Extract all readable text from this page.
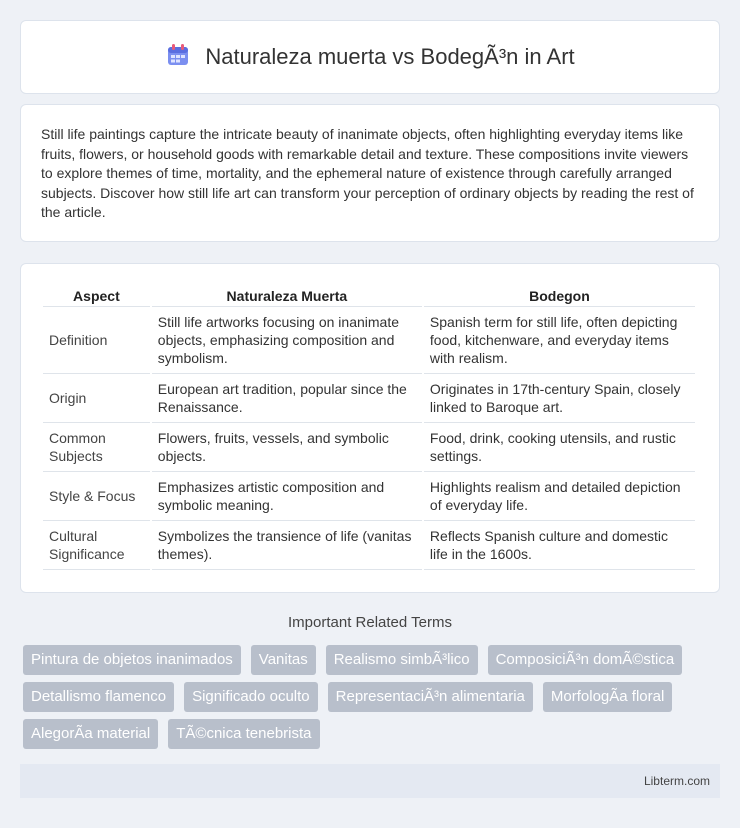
Naturaleza muerta vs BodegÃ³n in Art

Still life paintings capture the intricate beauty of inanimate objects, often highlighting everyday items like fruits, flowers, or household goods with remarkable detail and texture. These compositions invite viewers to explore themes of time, mortality, and the ephemeral nature of existence through carefully arranged subjects. Discover how still life art can transform your perception of ordinary objects by reading the rest of the article.

Aspect	Naturaleza Muerta	Bodegon
Definition	Still life artworks focusing on inanimate objects, emphasizing composition and symbolism.	Spanish term for still life, often depicting food, kitchenware, and everyday items with realism.
Origin	European art tradition, popular since the Renaissance.	Originates in 17th-century Spain, closely linked to Baroque art.
Common Subjects	Flowers, fruits, vessels, and symbolic objects.	Food, drink, cooking utensils, and rustic settings.
Style & Focus	Emphasizes artistic composition and symbolic meaning.	Highlights realism and detailed depiction of everyday life.
Cultural Significance	Symbolizes the transience of life (vanitas themes).	Reflects Spanish culture and domestic life in the 1600s.
Important Related Terms
Pintura de objetos inanimados	Vanitas	Realismo simbÃ³lico	ComposiciÃ³n domÃ©stica
Detallismo flamenco	Significado oculto	RepresentaciÃ³n alimentaria	MorfologÃa floral
AlegorÃa material	TÃ©cnica tenebrista
Libterm.com
